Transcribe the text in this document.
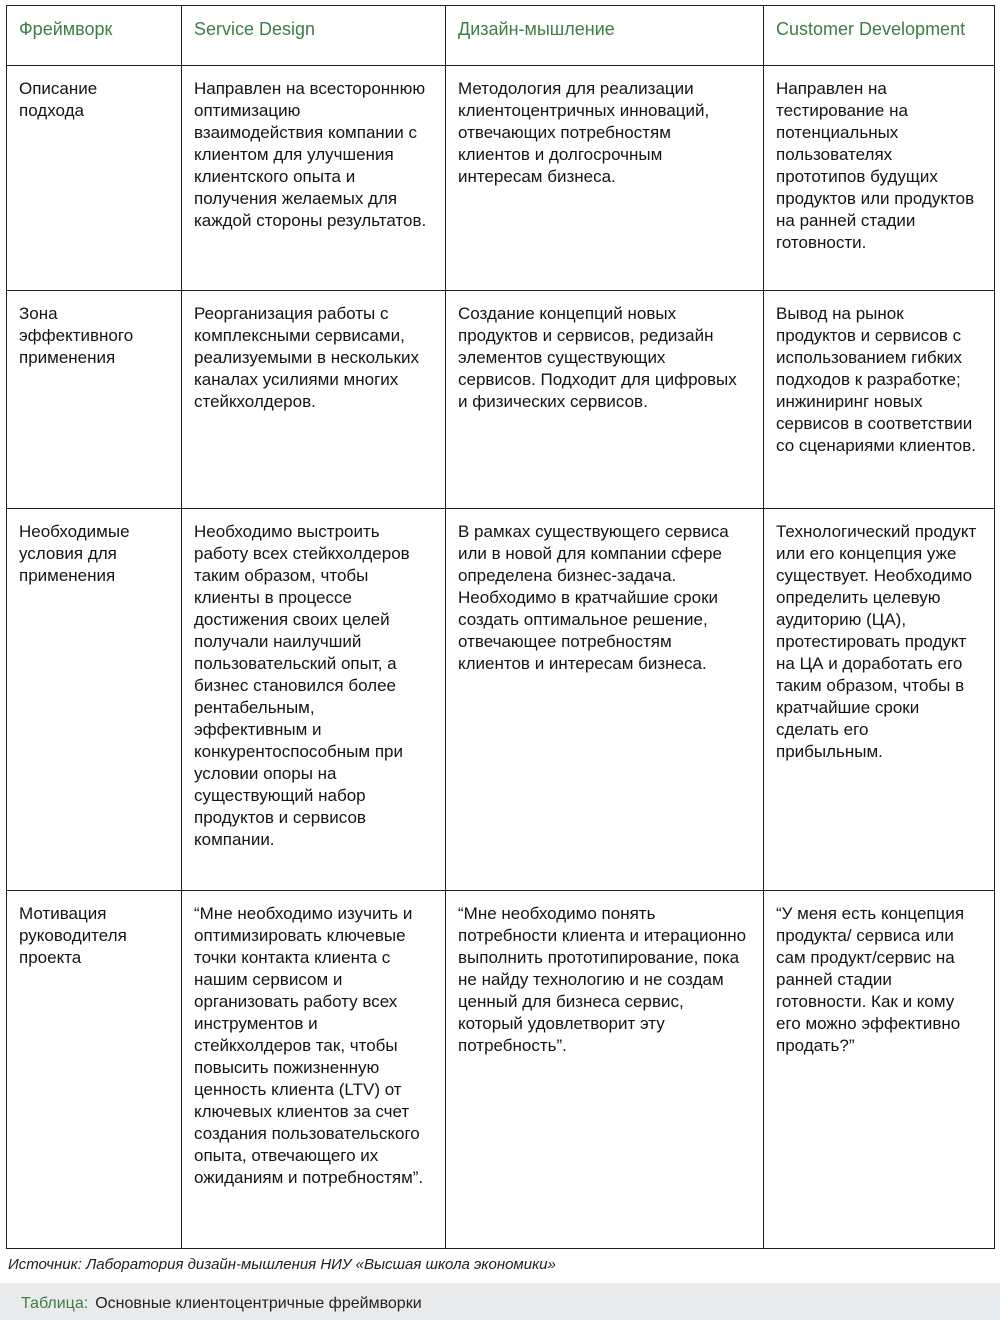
Фреймворк	Service Design	Дизайн-мышление	Customer Development
Описание подхода	Направлен на всестороннюю оптимизацию взаимодействия компании с клиентом для улучшения клиентского опыта и получения желаемых для каждой стороны результатов.	Методология для реализации клиентоцентричных инноваций, отвечающих потребностям клиентов и долгосрочным интересам бизнеса.	Направлен на тестирование на потенциальных пользователях прототипов будущих продуктов или продуктов на ранней стадии готовности.
Зона эффективного применения	Реорганизация работы с комплексными сервисами, реализуемыми в нескольких каналах усилиями многих стейкхолдеров.	Создание концепций новых продуктов и сервисов, редизайн элементов существующих сервисов. Подходит для цифровых и физических сервисов.	Вывод на рынок продуктов и сервисов с использованием гибких подходов к разработке; инжиниринг новых сервисов в соответствии со сценариями клиентов.
Необходимые условия для применения	Необходимо выстроить работу всех стейкхолдеров таким образом, чтобы клиенты в процессе достижения своих целей получали наилучший пользовательский опыт, а бизнес становился более рентабельным, эффективным и конкурентоспособным при условии опоры на существующий набор продуктов и сервисов компании.	В рамках существующего сервиса или в новой для компании сфере определена бизнес-задача. Необходимо в кратчайшие сроки создать оптимальное решение, отвечающее потребностям клиентов и интересам бизнеса.	Технологический продукт или его концепция уже существует. Необходимо определить целевую аудиторию (ЦА), протестировать продукт на ЦА и доработать его таким образом, чтобы в кратчайшие сроки сделать его прибыльным.
Мотивация руководителя проекта	“Мне необходимо изучить и оптимизировать ключевые точки контакта клиента с нашим сервисом и организовать работу всех инструментов и стейкхолдеров так, чтобы повысить пожизненную ценность клиента (LTV) от ключевых клиентов за счет создания пользовательского опыта, отвечающего их ожиданиям и потребностям”.	“Мне необходимо понять потребности клиента и итерационно выполнить прототипирование, пока не найду технологию и не создам ценный для бизнеса сервис, который удовлетворит эту потребность”.	“У меня есть концепция продукта/ сервиса или сам продукт/сервис на ранней стадии готовности. Как и кому его можно эффективно продать?”
Источник: Лаборатория дизайн-мышления НИУ «Высшая школа экономики»
Таблица: Основные клиентоцентричные фреймворки
